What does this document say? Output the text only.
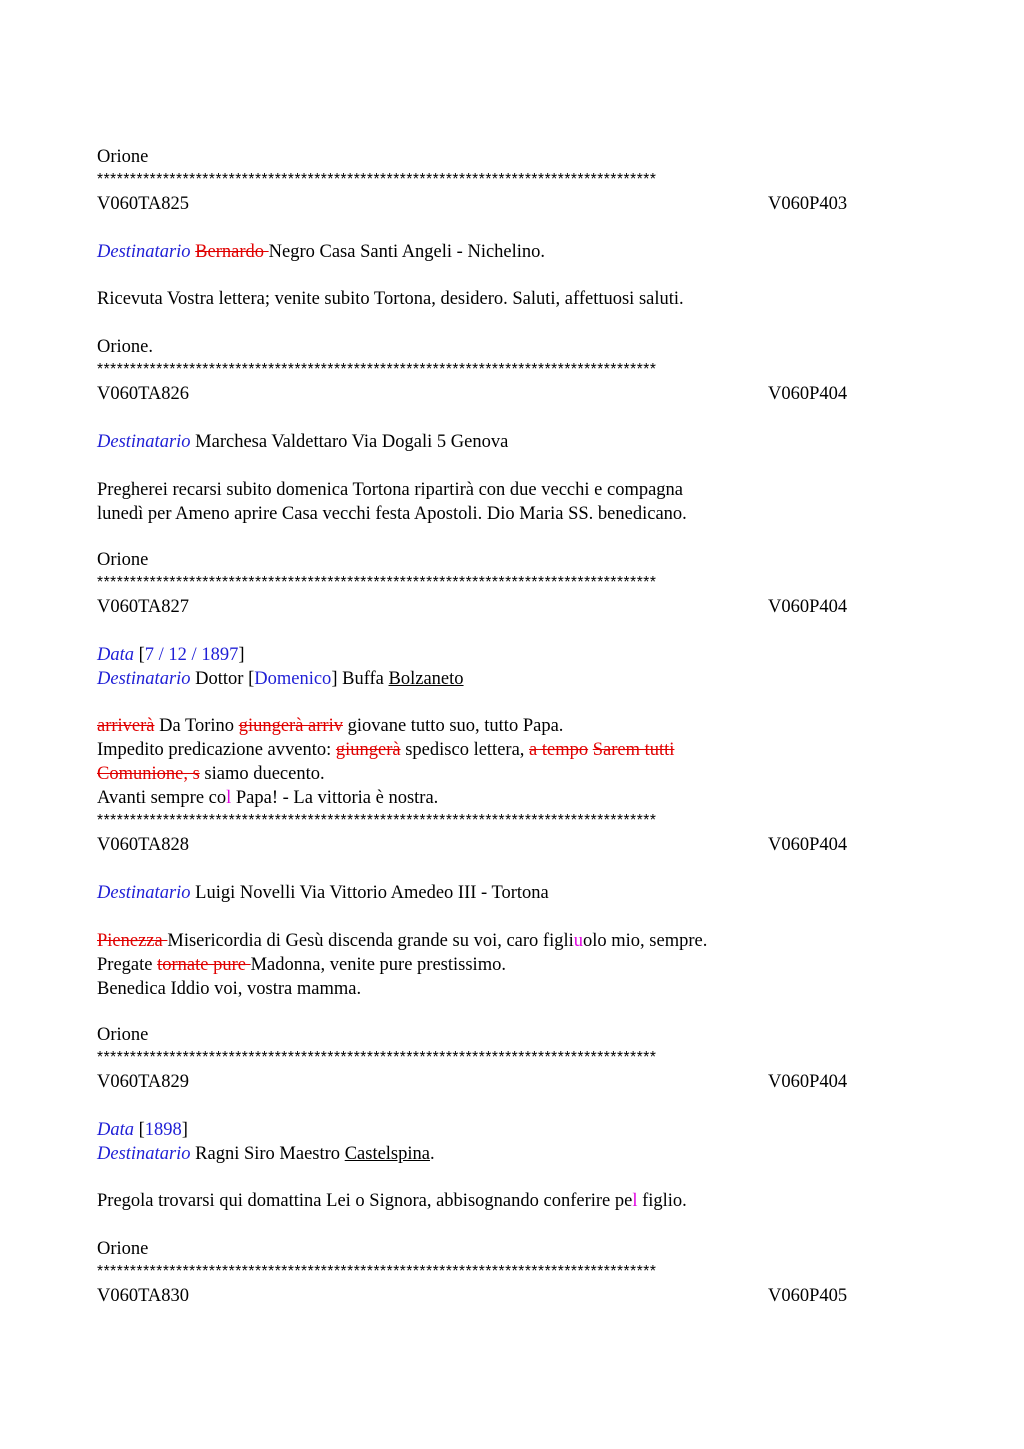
Orione
*************************************************************************************
V060TA825	V060P403
Destinatario Bernardo Negro Casa Santi Angeli - Nichelino.
Ricevuta Vostra lettera; venite subito Tortona, desidero. Saluti, affettuosi saluti.
Orione.
*************************************************************************************
V060TA826	V060P404
Destinatario Marchesa Valdettaro Via Dogali 5 Genova
Pregherei recarsi subito domenica Tortona ripartirà con due vecchi e compagna
lunedì per Ameno aprire Casa vecchi festa Apostoli. Dio Maria SS. benedicano.
Orione
*************************************************************************************
V060TA827	V060P404
Data [7 / 12 / 1897]
Destinatario Dottor [Domenico] Buffa Bolzaneto
arriverà Da Torino giungerà arriv giovane tutto suo, tutto Papa.
Impedito predicazione avvento: giungerà spedisco lettera, a tempo Sarem tutti
Comunione, s siamo duecento.
Avanti sempre col Papa! - La vittoria è nostra.
*************************************************************************************
V060TA828	V060P404
Destinatario Luigi Novelli Via Vittorio Amedeo III - Tortona
Pienezza Misericordia di Gesù discenda grande su voi, caro figliuolo mio, sempre.
Pregate tornate pure Madonna, venite pure prestissimo.
Benedica Iddio voi, vostra mamma.
Orione
*************************************************************************************
V060TA829	V060P404
Data [1898]
Destinatario Ragni Siro Maestro Castelspina.
Pregola trovarsi qui domattina Lei o Signora, abbisognando conferire pel figlio.
Orione
*************************************************************************************
V060TA830	V060P405
